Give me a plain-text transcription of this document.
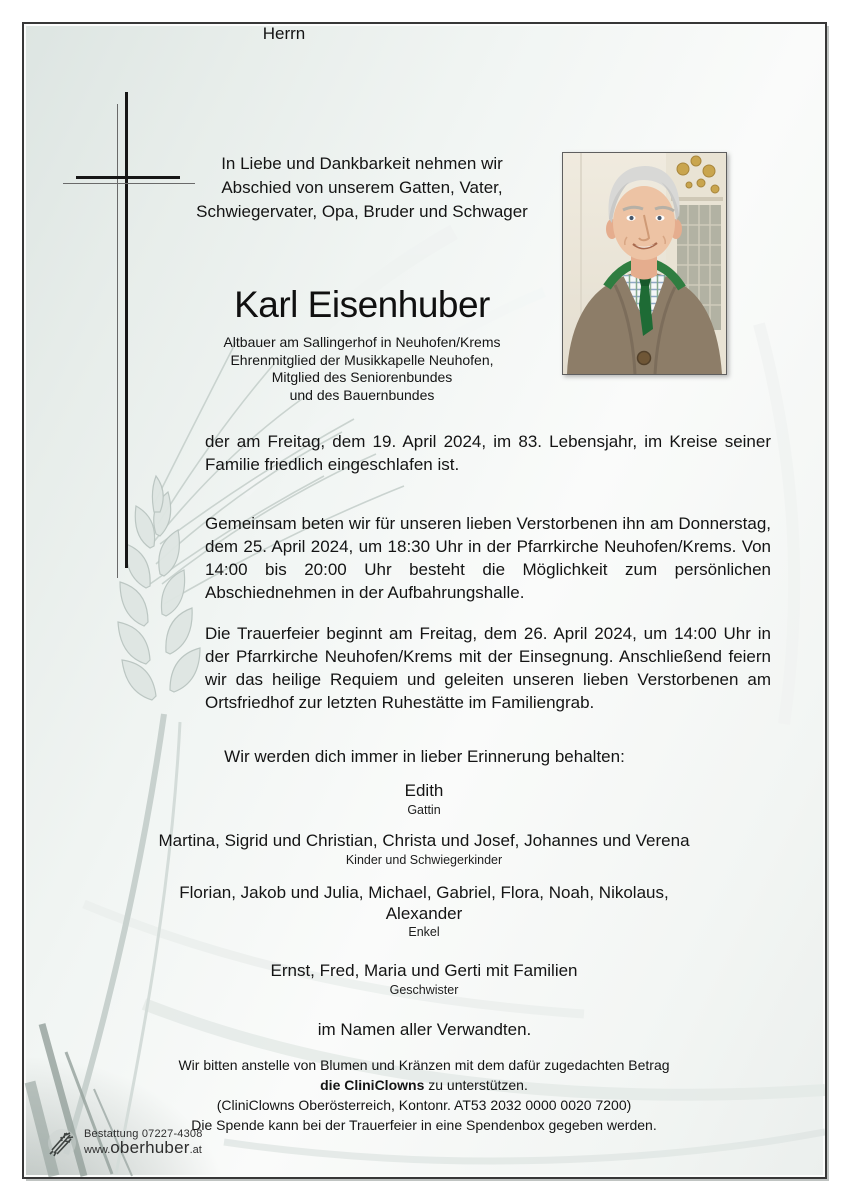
In Liebe und Dankbarkeit nehmen wir
Abschied von unserem Gatten, Vater,
Schwiegervater, Opa, Bruder und Schwager
Herrn
Karl Eisenhuber
Altbauer am Sallingerhof in Neuhofen/Krems
Ehrenmitglied der Musikkapelle Neuhofen,
Mitglied des Seniorenbundes
und des Bauernbundes
der am Freitag, dem 19. April 2024, im 83. Lebensjahr, im Kreise seiner
Familie friedlich eingeschlafen ist.
Gemeinsam beten wir für unseren lieben Verstorbenen ihn am Donnerstag,
dem 25. April 2024, um 18:30 Uhr in der Pfarrkirche Neuhofen/Krems. Von
14:00 bis 20:00 Uhr besteht die Möglichkeit zum persönlichen
Abschiednehmen in der Aufbahrungshalle.
Die Trauerfeier beginnt am Freitag, dem 26. April 2024, um 14:00 Uhr in
der Pfarrkirche Neuhofen/Krems mit der Einsegnung. Anschließend feiern
wir das heilige Requiem und geleiten unseren lieben Verstorbenen am
Ortsfriedhof zur letzten Ruhestätte im Familiengrab.
Wir werden dich immer in lieber Erinnerung behalten:
Edith
Gattin
Martina, Sigrid und Christian, Christa und Josef, Johannes und Verena
Kinder und Schwiegerkinder
Florian, Jakob und Julia, Michael, Gabriel, Flora, Noah, Nikolaus, Alexander
Enkel
Ernst, Fred, Maria und Gerti mit Familien
Geschwister
im Namen aller Verwandten.
Wir bitten anstelle von Blumen und Kränzen mit dem dafür zugedachten Betrag
die CliniClowns zu unterstützen.
(CliniClowns Oberösterreich, Kontonr. AT53 2032 0000 0020 7200)
Die Spende kann bei der Trauerfeier in eine Spendenbox gegeben werden.
Bestattung 07227-4308
www. oberhuber .at
